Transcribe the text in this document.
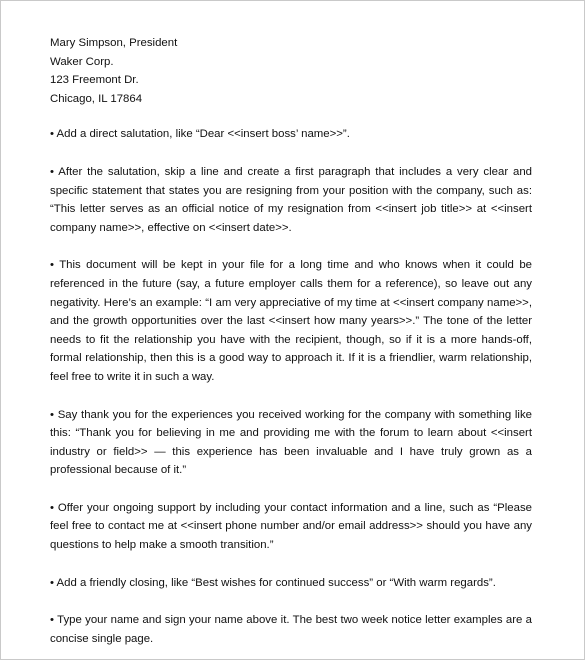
Mary Simpson, President
Waker Corp.
123 Freemont Dr.
Chicago, IL 17864

• Add a direct salutation, like “Dear <<insert boss’ name>>”.

• After the salutation, skip a line and create a first paragraph that includes a very clear and specific statement that states you are resigning from your position with the company, such as: “This letter serves as an official notice of my resignation from <<insert job title>> at <<insert company name>>, effective on <<insert date>>.

• This document will be kept in your file for a long time and who knows when it could be referenced in the future (say, a future employer calls them for a reference), so leave out any negativity. Here’s an example: “I am very appreciative of my time at <<insert company name>>, and the growth opportunities over the last <<insert how many years>>.” The tone of the letter needs to fit the relationship you have with the recipient, though, so if it is a more hands-off, formal relationship, then this is a good way to approach it. If it is a friendlier, warm relationship, feel free to write it in such a way.

• Say thank you for the experiences you received working for the company with something like this: “Thank you for believing in me and providing me with the forum to learn about <<insert industry or field>> — this experience has been invaluable and I have truly grown as a professional because of it.”

• Offer your ongoing support by including your contact information and a line, such as “Please feel free to contact me at <<insert phone number and/or email address>> should you have any questions to help make a smooth transition.”

• Add a friendly closing, like “Best wishes for continued success” or “With warm regards”.

• Type your name and sign your name above it. The best two week notice letter examples are a concise single page.
